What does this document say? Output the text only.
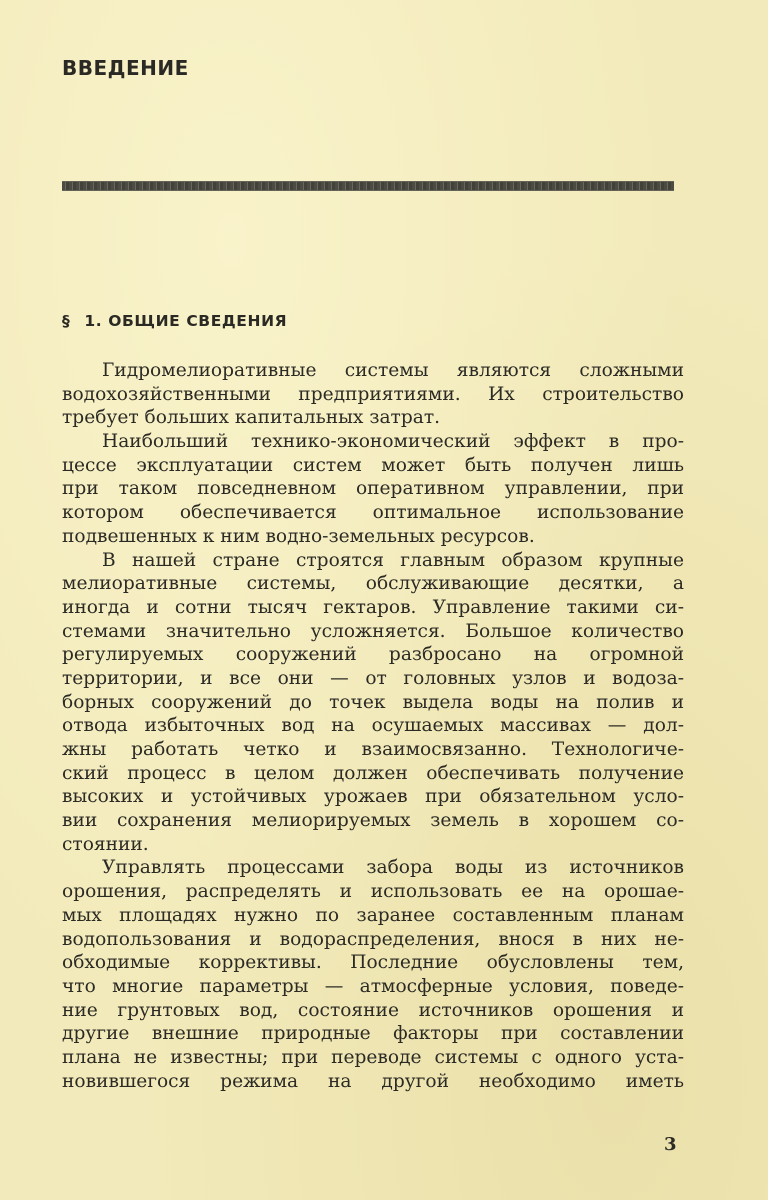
ВВЕДЕНИЕ
§ 1. ОБЩИЕ СВЕДЕНИЯ
Гидромелиоративные системы являются сложными
водохозяйственными предприятиями. Их строительство
требует больших капитальных затрат.
Наибольший технико-экономический эффект в про-
цессе эксплуатации систем может быть получен лишь
при таком повседневном оперативном управлении, при
котором обеспечивается оптимальное использование
подвешенных к ним водно-земельных ресурсов.
В нашей стране строятся главным образом крупные
мелиоративные системы, обслуживающие десятки, а
иногда и сотни тысяч гектаров. Управление такими си-
стемами значительно усложняется. Большое количество
регулируемых сооружений разбросано на огромной
территории, и все они — от головных узлов и водоза-
борных сооружений до точек выдела воды на полив и
отвода избыточных вод на осушаемых массивах — дол-
жны работать четко и взаимосвязанно. Технологиче-
ский процесс в целом должен обеспечивать получение
высоких и устойчивых урожаев при обязательном усло-
вии сохранения мелиорируемых земель в хорошем со-
стоянии.
Управлять процессами забора воды из источников
орошения, распределять и использовать ее на орошае-
мых площадях нужно по заранее составленным планам
водопользования и водораспределения, внося в них не-
обходимые коррективы. Последние обусловлены тем,
что многие параметры — атмосферные условия, поведе-
ние грунтовых вод, состояние источников орошения и
другие внешние природные факторы при составлении
плана не известны; при переводе системы с одного уста-
новившегося режима на другой необходимо иметь
3
